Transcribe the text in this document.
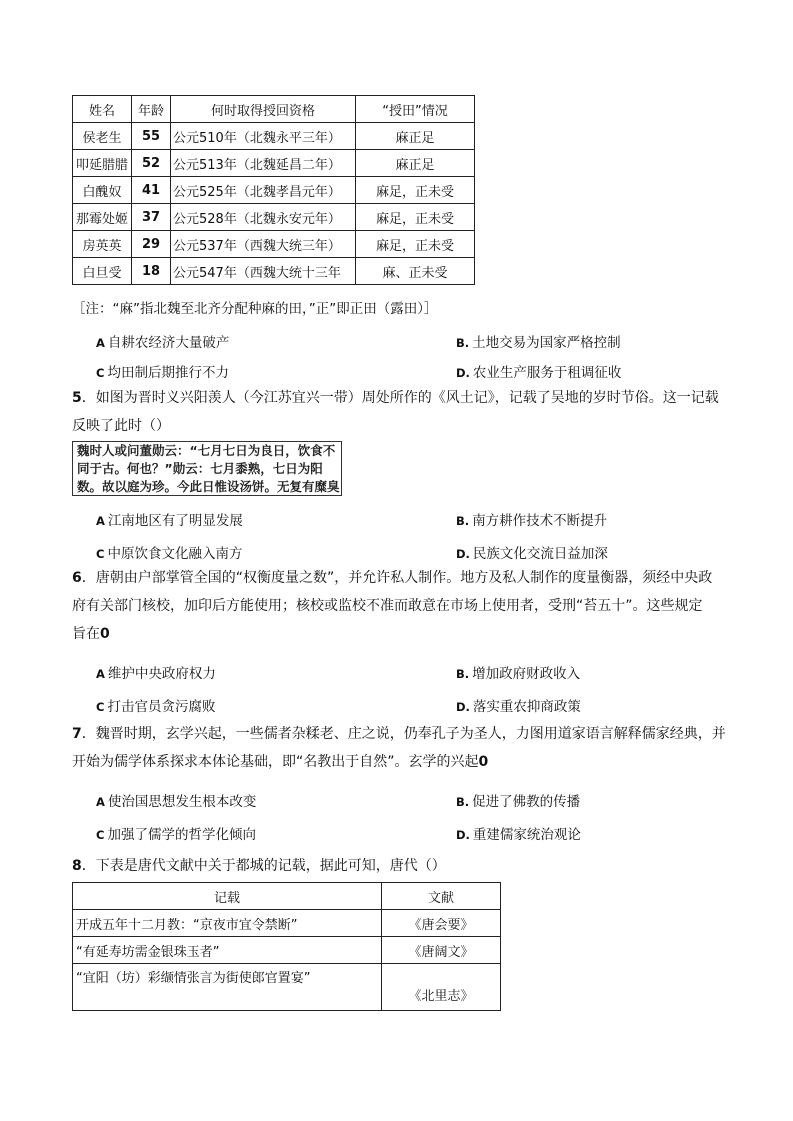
姓名	年龄	何时取得授回资格	“授田”情况
侯老生	55	公元510年（北魏永平三年）	麻正足
叩延腊腊	52	公元513年（北魏延昌二年）	麻正足
白醜奴	41	公元525年（北魏孝昌元年）	麻足，正未受
那霉处姬	37	公元528年（北魏永安元年）	麻足，正未受
房英英	29	公元537年（西魏大统三年）	麻足，正未受
白旦受	18	公元547年（西魏大统十三年	麻、正未受
［注：“麻”指北魏至北齐分配种麻的田，”正”即正田（露田）］
A 自耕农经济大量破产	B. 土地交易为国家严格控制
C 均田制后期推行不力	D. 农业生产服务于租调征收
5．如图为晋时义兴阳羡人（今江苏宜兴一带）周处所作的《风土记》，记载了吴地的岁时节俗。这一记载
反映了此时（）
魏时人或问董勋云：“七月七日为良日，饮食不
同于古。何也？”勋云：七月黍熟，七日为阳
数。故以庭为珍。今此日惟设汤饼。无复有糜臭
A 江南地区有了明显发展	B. 南方耕作技术不断提升
C 中原饮食文化融入南方	D. 民族文化交流日益加深
6．唐朝由户部掌管全国的“权衡度量之数”，并允许私人制作。地方及私人制作的度量衡器，须经中央政
府有关部门核校，加印后方能使用；核校或监校不准而敢意在市场上使用者，受刑“苔五十”。这些规定
旨在0
A 维护中央政府权力	B. 增加政府财政收入
C 打击官员贪污腐败	D. 落实重农抑商政策
7．魏晋时期，玄学兴起，一些儒者杂糅老、庄之说，仍奉孔子为圣人，力图用道家语言解释儒家经典，并
开始为儒学体系探求本体论基础，即“名教出于自然”。玄学的兴起0
A 使治国思想发生根本改变	B. 促进了佛教的传播
C 加强了儒学的哲学化倾向	D. 重建儒家统治观论
8．下表是唐代文献中关于都城的记载，据此可知，唐代（）
记载	文献
开成五年十二月教：“京夜市宜令禁断”	《唐会要》
“有延寿坊需金银珠玉者”	《唐阔文》
“宜阳（坊）彩缬情张言为街使郎官置宴”	《北里志》
